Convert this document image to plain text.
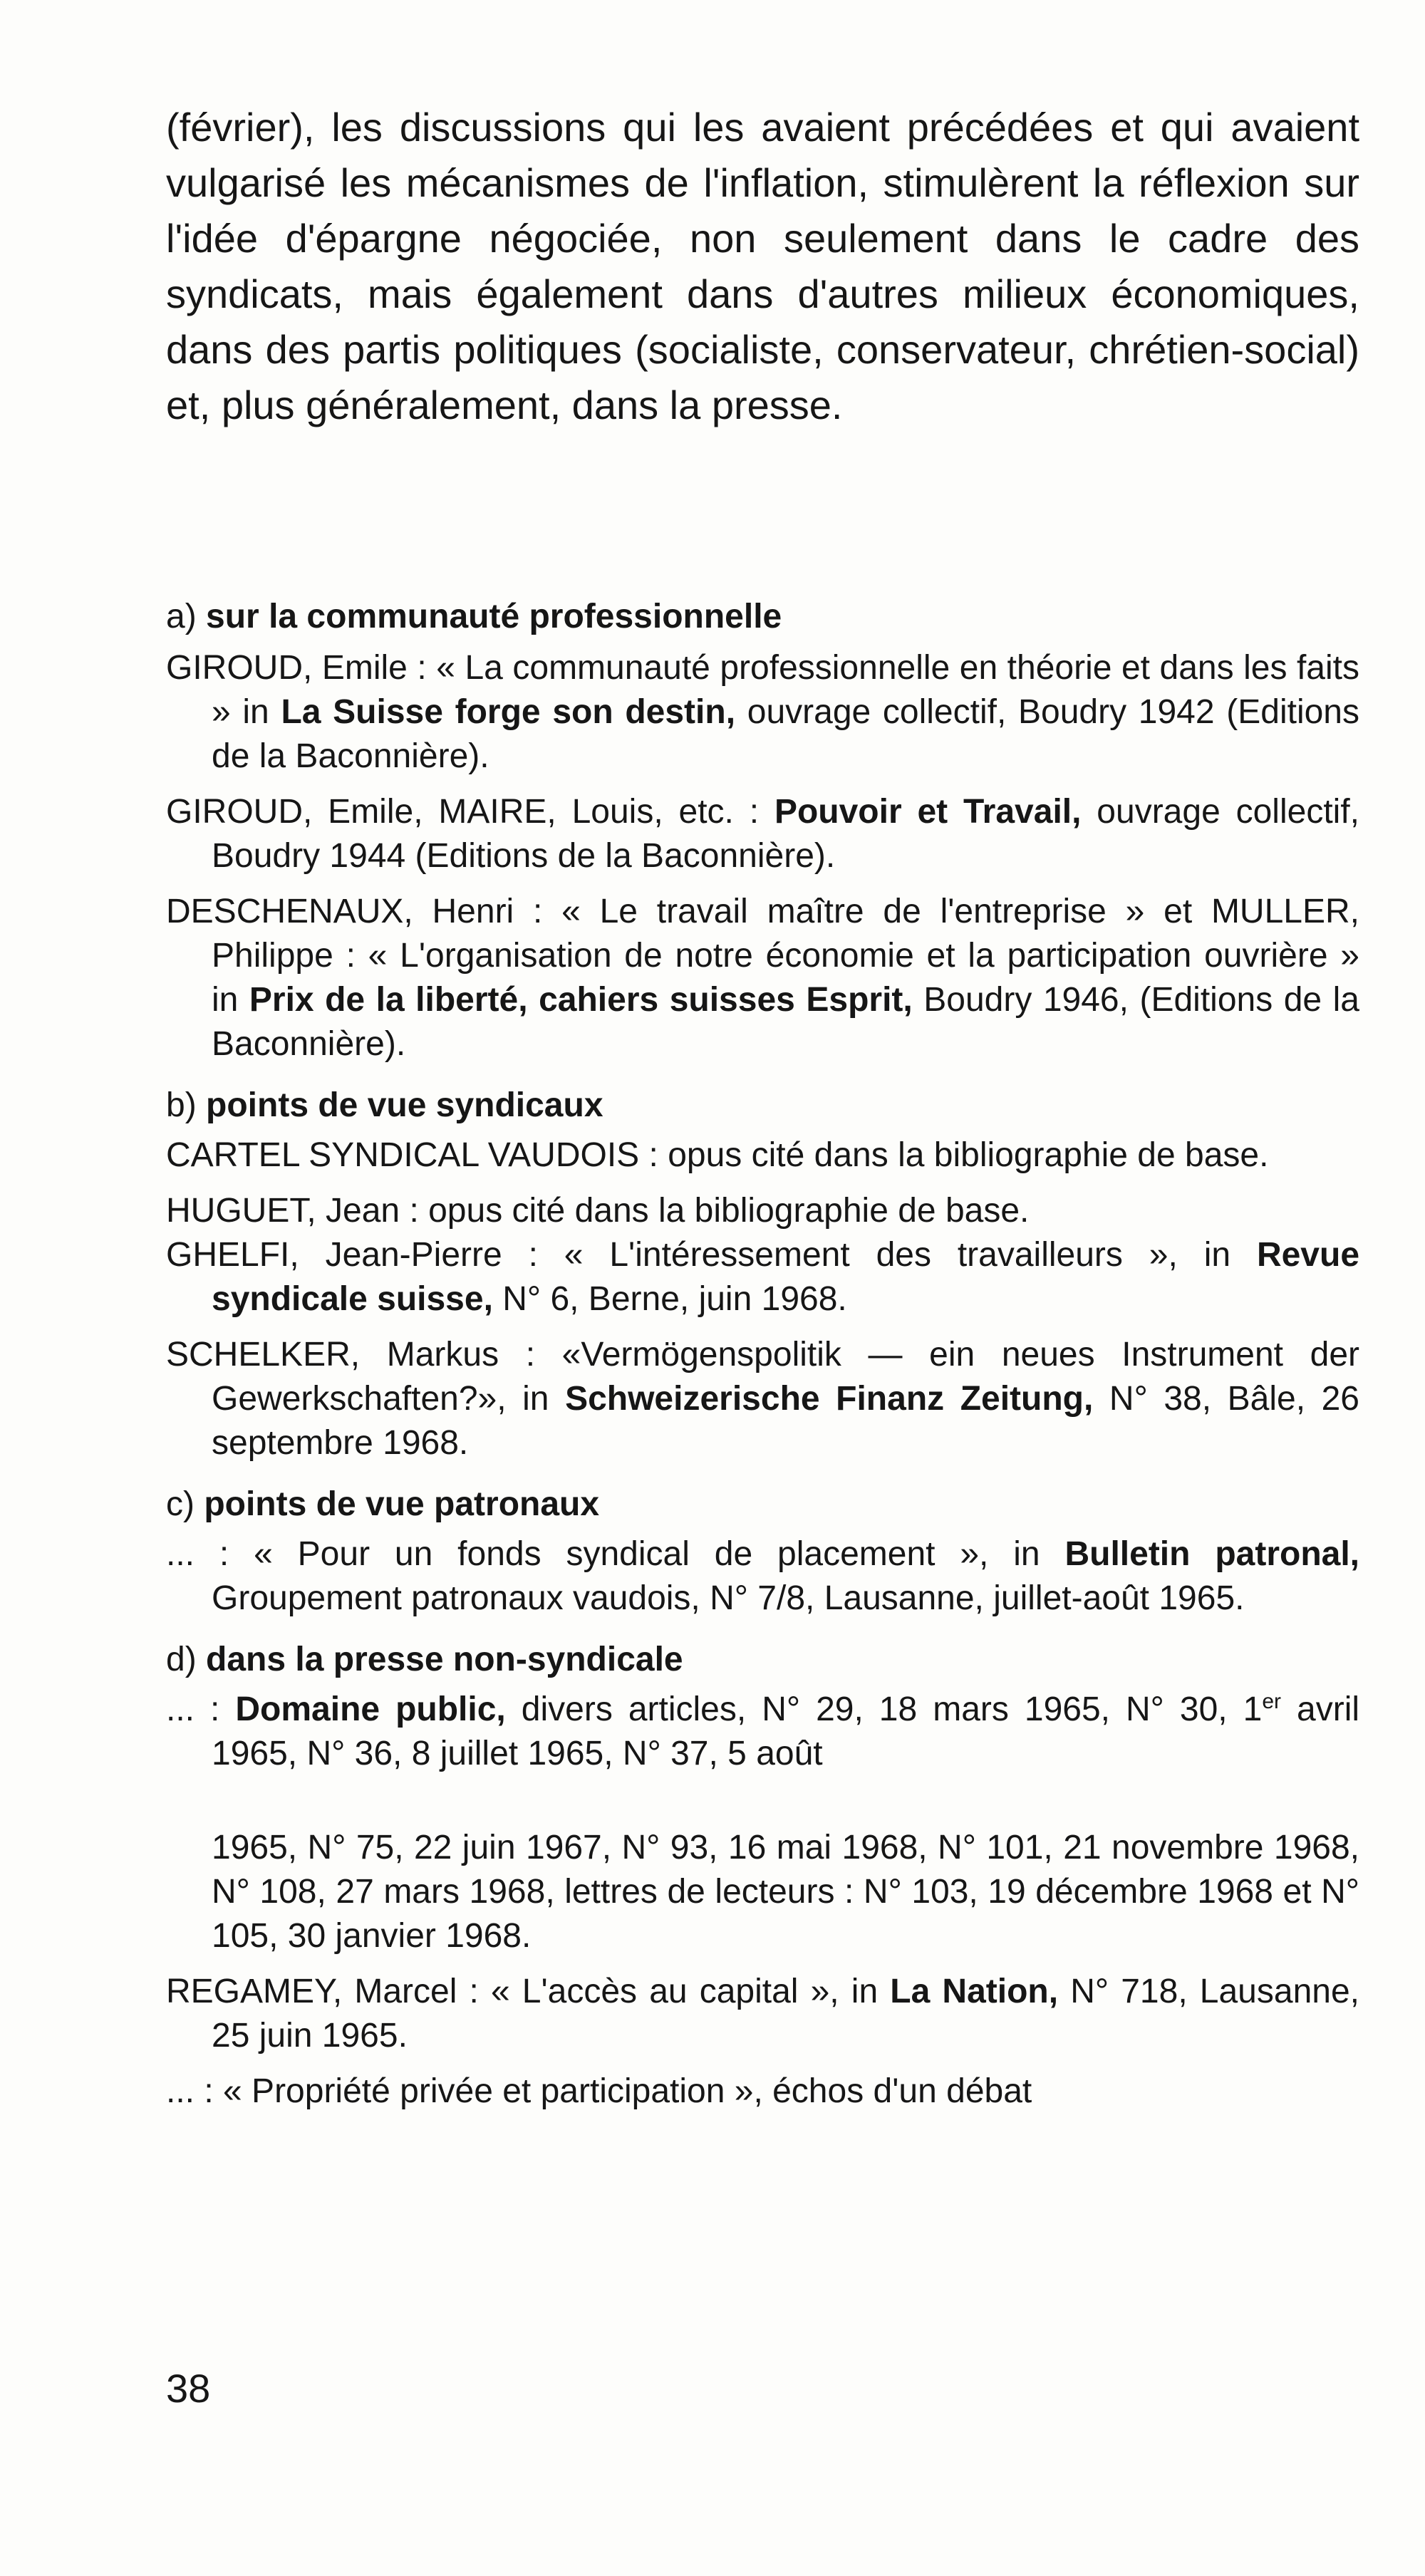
(février), les discussions qui les avaient précédées et qui avaient vulgarisé les mécanismes de l'inflation, stimulèrent la réflexion sur l'idée d'épargne négociée, non seulement dans le cadre des syndicats, mais également dans d'autres milieux économiques, dans des partis politiques (socialiste, conservateur, chrétien-social) et, plus généralement, dans la presse.

a) sur la communauté professionnelle
GIROUD, Emile : « La communauté professionnelle en théorie et dans les faits » in La Suisse forge son destin, ouvrage collectif, Boudry 1942 (Editions de la Baconnière).
GIROUD, Emile, MAIRE, Louis, etc. : Pouvoir et Travail, ouvrage collectif, Boudry 1944 (Editions de la Baconnière).
DESCHENAUX, Henri : « Le travail maître de l'entreprise » et MULLER, Philippe : « L'organisation de notre économie et la participation ouvrière » in Prix de la liberté, cahiers suisses Esprit, Boudry 1946, (Editions de la Baconnière).
b) points de vue syndicaux
CARTEL SYNDICAL VAUDOIS : opus cité dans la bibliographie de base.
HUGUET, Jean : opus cité dans la bibliographie de base.
GHELFI, Jean-Pierre : « L'intéressement des travailleurs », in Revue syndicale suisse, N° 6, Berne, juin 1968.
SCHELKER, Markus : «Vermögenspolitik — ein neues Instrument der Gewerkschaften?», in Schweizerische Finanz Zeitung, N° 38, Bâle, 26 septembre 1968.
c) points de vue patronaux
... : « Pour un fonds syndical de placement », in Bulletin patronal, Groupement patronaux vaudois, N° 7/8, Lausanne, juillet-août 1965.
d) dans la presse non-syndicale
... : Domaine public, divers articles, N° 29, 18 mars 1965, N° 30, 1er avril 1965, N° 36, 8 juillet 1965, N° 37, 5 août
1965, N° 75, 22 juin 1967, N° 93, 16 mai 1968, N° 101, 21 novembre 1968, N° 108, 27 mars 1968, lettres de lecteurs : N° 103, 19 décembre 1968 et N° 105, 30 janvier 1968.
REGAMEY, Marcel : « L'accès au capital », in La Nation, N° 718, Lausanne, 25 juin 1965.
... : « Propriété privée et participation », échos d'un débat
38
